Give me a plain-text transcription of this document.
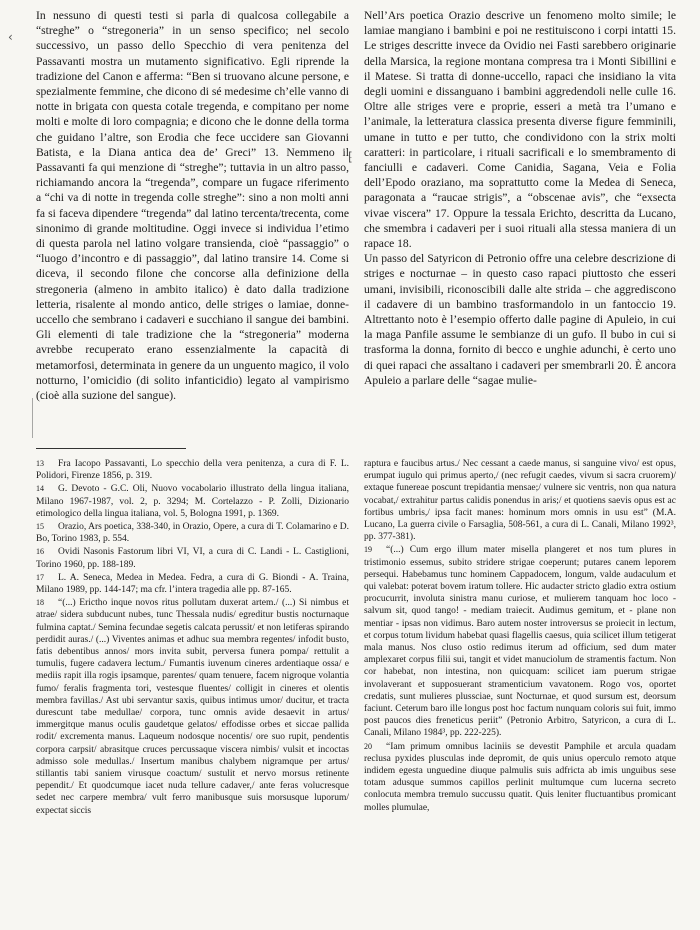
In nessuno di questi testi si parla di qualcosa collegabile a “streghe” o “stregoneria” in un senso specifico; nel secolo successivo, un passo dello Specchio di vera penitenza del Passavanti mostra un mutamento significativo. Egli riprende la tradizione del Canon e afferma: “Ben si truovano alcune persone, e spezialmente femmine, che dicono di sé medesime ch’elle vanno di notte in brigata con questa cotale tregenda, e compitano per nome molti e molte di loro compagnia; e dicono che le donne della torma che guidano l’altre, son Erodia che fece uccidere san Giovanni Batista, e la Diana antica dea de’ Greci” 13. Nemmeno il Passavanti fa qui menzione di “streghe”; tuttavia in un altro passo, richiamando ancora la “tregenda”, compare un fugace riferimento a “chi va di notte in tregenda colle streghe”: sino a non molti anni fa si faceva dipendere “tregenda” dal latino tercenta/trecenta, come sinonimo di grande moltitudine. Oggi invece si individua l’etimo di questa parola nel latino volgare transienda, cioè “passaggio” o “luogo d’incontro e di passaggio”, dal latino transire 14. Come si diceva, il secondo filone che concorse alla definizione della stregoneria (almeno in ambito italico) è dato dalla tradizione letteria, risalente al mondo antico, delle striges o lamiae, donne-uccello che sembrano i cadaveri e succhiano il sangue dei bambini. Gli elementi di tale tradizione che la “stregoneria” moderna avrebbe recuperato erano essenzialmente la capacità di metamorfosi, determinata in genere da un unguento magico, il volo notturno, l’omicidio (di solito infanticidio) legato al vampirismo (cioè alla suzione del sangue).

Nell’Ars poetica Orazio descrive un fenomeno molto simile; le lamiae mangiano i bambini e poi ne restituiscono i corpi intatti 15. Le striges descritte invece da Ovidio nei Fasti sarebbero originarie della Marsica, la regione montana compresa tra i Monti Sibillini e il Matese. Si tratta di donne-uccello, rapaci che insidiano la vita degli uomini e dissanguano i bambini aggredendoli nelle culle 16. Oltre alle striges vere e proprie, esseri a metà tra l’umano e l’animale, la letteratura classica presenta diverse figure femminili, umane in tutto e per tutto, che condividono con la strix molti caratteri: in particolare, i rituali sacrificali e lo smembramento di fanciulli e cadaveri. Come Canidia, Sagana, Veia e Folia dell’Epodo oraziano, ma soprattutto come la Medea di Seneca, paragonata a “raucae strigis”, a “obscenae avis”, che “exsecta vivae viscera” 17. Oppure la tessala Erichto, descritta da Lucano, che smembra i cadaveri per i suoi rituali alla stessa maniera di un rapace 18.

Un passo del Satyricon di Petronio offre una celebre descrizione di striges e nocturnae – in questo caso rapaci piuttosto che esseri umani, invisibili, riconoscibili dalle alte strida – che aggrediscono il cadavere di un bambino trasformandolo in un fantoccio 19. Altrettanto noto è l’esempio offerto dalle pagine di Apuleio, in cui la maga Panfile assume le sembianze di un gufo. Il bubo in cui si trasforma la donna, fornito di becco e unghie adunchi, è certo uno di quei rapaci che assaltano i cadaveri per smembrarli 20. È ancora Apuleio a parlare delle “sagae mulie-

13 Fra Iacopo Passavanti, Lo specchio della vera penitenza, a cura di F. L. Polidori, Firenze 1856, p. 319.
14 G. Devoto - G.C. Oli, Nuovo vocabolario illustrato della lingua italiana, Milano 1967-1987, vol. 2, p. 3294; M. Cortelazzo - P. Zolli, Dizionario etimologico della lingua italiana, vol. 5, Bologna 1991, p. 1369.
15 Orazio, Ars poetica, 338-340, in Orazio, Opere, a cura di T. Colamarino e D. Bo, Torino 1983, p. 554.
16 Ovidi Nasonis Fastorum libri VI, VI, a cura di C. Landi - L. Castiglioni, Torino 1960, pp. 188-189.
17 L. A. Seneca, Medea in Medea. Fedra, a cura di G. Biondi - A. Traina, Milano 1989, pp. 144-147; ma cfr. l’intera tragedia alle pp. 87-165.
18 “(...) Erictho inque novos ritus pollutam duxerat artem./ (...) Si nimbus et atrae/ sidera subducunt nubes, tunc Thessala nudis/ egreditur bustis nocturnaque fulmina captat./ Semina fecundae segetis calcata perussit/ et non letiferas spirando perdidit auras./ (...) Viventes animas et adhuc sua membra regentes/ infodit busto, fatis debentibus annos/ mors invita subit, perversa funera pompa/ rettulit a tumulis, fugere cadavera lectum./ Fumantis iuvenum cineres ardentiaque ossa/ e mediis rapit illa rogis ipsamque, parentes/ quam tenuere, facem nigroque volantia fumo/ feralis fragmenta tori, vestesque fluentes/ colligit in cineres et olentis membra favillas./ Ast ubi servantur saxis, quibus intimus umor/ ducitur, et tracta durescunt tabe medullae/ corpora, tunc omnis avide desaevit in artus/ immergitque manus oculis gaudetque gelatos/ effodisse orbes et siccae pallida rodit/ excrementa manus. Laqueum nodosque nocentis/ ore suo rupit, pendentis corpora carpsit/ abrasitque cruces percussaque viscera nimbis/ vulsit et incoctas admisso sole medullas./ Insertum manibus chalybem nigramque per artus/ stillantis tabi saniem virusque coactum/ sustulit et nervo morsus retinente pependit./ Et quodcumque iacet nuda tellure cadaver,/ ante feras volucresque sedet nec carpere membra/ vult ferro manibusque suis morsusque luporum/ expectat siccis
raptura e faucibus artus./ Nec cessant a caede manus, si sanguine vivo/ est opus, erumpat iugulo qui primus aperto,/ (nec refugit caedes, vivum si sacra cruorem)/ extaque funereae poscunt trepidantia mensae;/ vulnere sic ventris, non qua natura vocabat,/ extrahitur partus calidis ponendus in aris;/ et quotiens saevis opus est ac fortibus umbris,/ ipsa facit manes: hominum mors omnis in usu est” (M.A. Lucano, La guerra civile o Farsaglia, 508-561, a cura di L. Canali, Milano 1992³, pp. 377-381).
19 “(...) Cum ergo illum mater misella plangeret et nos tum plures in tristimonio essemus, subito stridere strigae coeperunt; putares canem leporem persequi. Habebamus tunc hominem Cappadocem, longum, valde audaculum et qui valebat: poterat bovem iratum tollere. Hic audacter stricto gladio extra ostium procucurrit, involuta sinistra manu curiose, et mulierem tanquam hoc loco - salvum sit, quod tango! - mediam traiecit. Audimus gemitum, et - plane non mentiar - ipsas non vidimus. Baro autem noster introversus se proiecit in lectum, et corpus totum lividum habebat quasi flagellis caesus, quia scilicet illum tetigerat mala manus. Nos cluso ostio redimus iterum ad officium, sed dum mater amplexaret corpus filii sui, tangit et videt manuciolum de stramentis factum. Non cor habebat, non intestina, non quicquam: scilicet iam puerum strigae involaverant et supposuerant stramenticium vavatonem. Rogo vos, oportet credatis, sunt mulieres plussciae, sunt Nocturnae, et quod sursum est, deorsum faciunt. Ceterum baro ille longus post hoc factum nunquam coloris sui fuit, immo post paucos dies freneticus periit” (Petronio Arbitro, Satyricon, a cura di L. Canali, Milano 1984³, pp. 222-225).
20 “Iam primum omnibus laciniis se devestit Pamphile et arcula quadam reclusa pyxides plusculas inde depromit, de quis unius operculo remoto atque indidem egesta unguedine diuque palmulis suis adfricta ab imis unguibus sese totam adusque summos capillos perlinit multumque cum lucerna secreto conlocuta membra tremulo succussu quatit. Quis leniter fluctuantibus promicant molles plumulae,
‹
⁅
